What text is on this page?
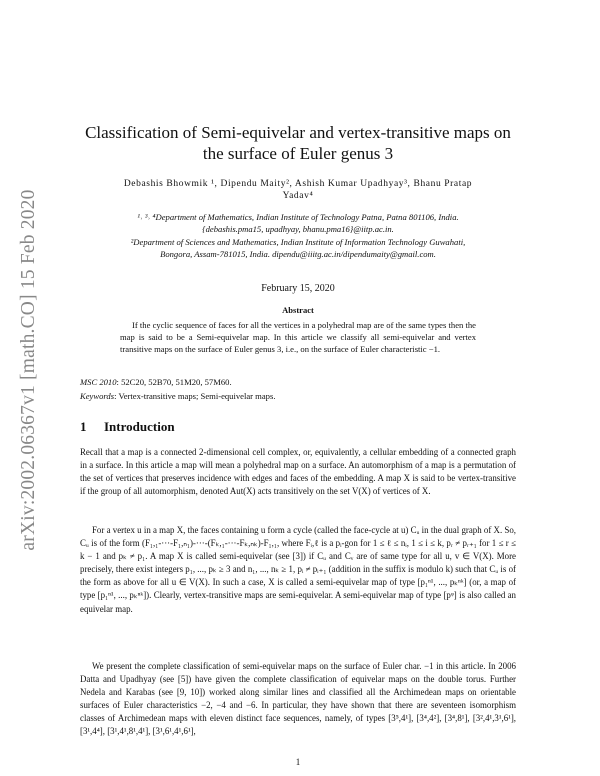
arXiv:2002.06367v1 [math.CO] 15 Feb 2020
Classification of Semi-equivelar and vertex-transitive maps on
the surface of Euler genus 3
Debashis Bhowmik ¹, Dipendu Maity², Ashish Kumar Upadhyay³, Bhanu Pratap
Yadav⁴
¹˒ ³˒ ⁴Department of Mathematics, Indian Institute of Technology Patna, Patna 801106, India.
{debashis.pma15, upadhyay, bhanu.pma16}@iitp.ac.in.
²Department of Sciences and Mathematics, Indian Institute of Information Technology Guwahati,
Bongora, Assam-781015, India. dipendu@iiitg.ac.in/dipendumaity@gmail.com.
February 15, 2020
Abstract
If the cyclic sequence of faces for all the vertices in a polyhedral map are of the same types then the map is said to be a Semi-equivelar map. In this article we classify all semi-equivelar and vertex transitive maps on the surface of Euler genus 3, i.e., on the surface of Euler characteristic −1.
MSC 2010: 52C20, 52B70, 51M20, 57M60.
Keywords: Vertex-transitive maps; Semi-equivelar maps.
1 Introduction
Recall that a map is a connected 2-dimensional cell complex, or, equivalently, a cellular embedding of a connected graph in a surface. In this article a map will mean a polyhedral map on a surface. An automorphism of a map is a permutation of the set of vertices that preserves incidence with edges and faces of the embedding. A map X is said to be vertex-transitive if the group of all automorphism, denoted Aut(X) acts transitively on the set V(X) of vertices of X.
For a vertex u in a map X, the faces containing u form a cycle (called the face-cycle at u) Cᵤ in the dual graph of X. So, Cᵤ is of the form (F₁,₁-···-F₁,ₙ₁)-···-(Fₖ,₁-···-Fₖ,ₙₖ)-F₁,₁, where Fᵢ,ℓ is a pᵢ-gon for 1 ≤ ℓ ≤ nᵢ, 1 ≤ i ≤ k, pᵣ ≠ pᵣ₊₁ for 1 ≤ r ≤ k − 1 and pₖ ≠ p₁. A map X is called semi-equivelar (see [3]) if Cᵤ and Cᵥ are of same type for all u, v ∈ V(X). More precisely, there exist integers p₁, ..., pₖ ≥ 3 and n₁, ..., nₖ ≥ 1, pᵢ ≠ pᵢ₊₁ (addition in the suffix is modulo k) such that Cᵤ is of the form as above for all u ∈ V(X). In such a case, X is called a semi-equivelar map of type [p₁ⁿ¹, ..., pₖⁿᵏ] (or, a map of type [p₁ⁿ¹, ..., pₖⁿᵏ]). Clearly, vertex-transitive maps are semi-equivelar. A semi-equivelar map of type [pᵠ] is also called an equivelar map.
We present the complete classification of semi-equivelar maps on the surface of Euler char. −1 in this article. In 2006 Datta and Upadhyay (see [5]) have given the complete classification of equivelar maps on the double torus. Further Nedela and Karabas (see [9, 10]) worked along similar lines and classified all the Archimedean maps on orientable surfaces of Euler characteristics −2, −4 and −6. In particular, they have shown that there are seventeen isomorphism classes of Archimedean maps with eleven distinct face sequences, namely, of types [3⁵,4¹], [3⁴,4²], [3⁴,8¹], [3²,4¹,3¹,6¹], [3¹,4⁴], [3¹,4¹,8¹,4¹], [3¹,6¹,4¹,6¹],
1
